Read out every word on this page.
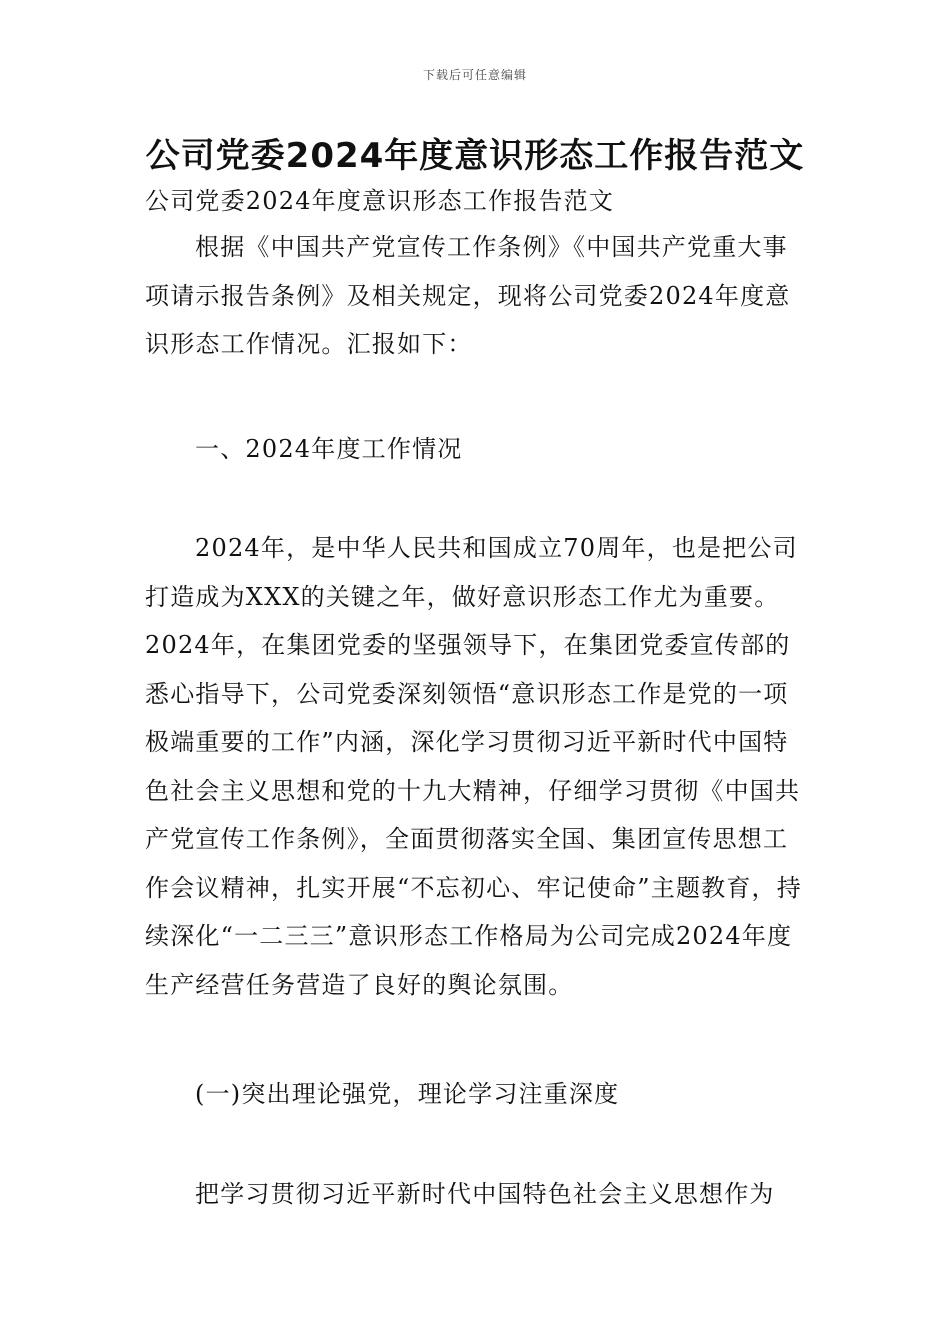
下载后可任意编辑
公司党委2024年度意识形态工作报告范文

公司党委2024年度意识形态工作报告范文

根据《中国共产党宣传工作条例》《中国共产党重大事项请示报告条例》及相关规定，现将公司党委2024年度意识形态工作情况。汇报如下：

一、2024年度工作情况

2024年，是中华人民共和国成立70周年，也是把公司打造成为XXX的关键之年，做好意识形态工作尤为重要。2024年，在集团党委的坚强领导下，在集团党委宣传部的悉心指导下，公司党委深刻领悟“意识形态工作是党的一项极端重要的工作”内涵，深化学习贯彻习近平新时代中国特色社会主义思想和党的十九大精神，仔细学习贯彻《中国共产党宣传工作条例》，全面贯彻落实全国、集团宣传思想工作会议精神，扎实开展“不忘初心、牢记使命”主题教育，持续深化“一二三三”意识形态工作格局为公司完成2024年度生产经营任务营造了良好的舆论氛围。

(一)突出理论强党，理论学习注重深度

把学习贯彻习近平新时代中国特色社会主义思想作为
